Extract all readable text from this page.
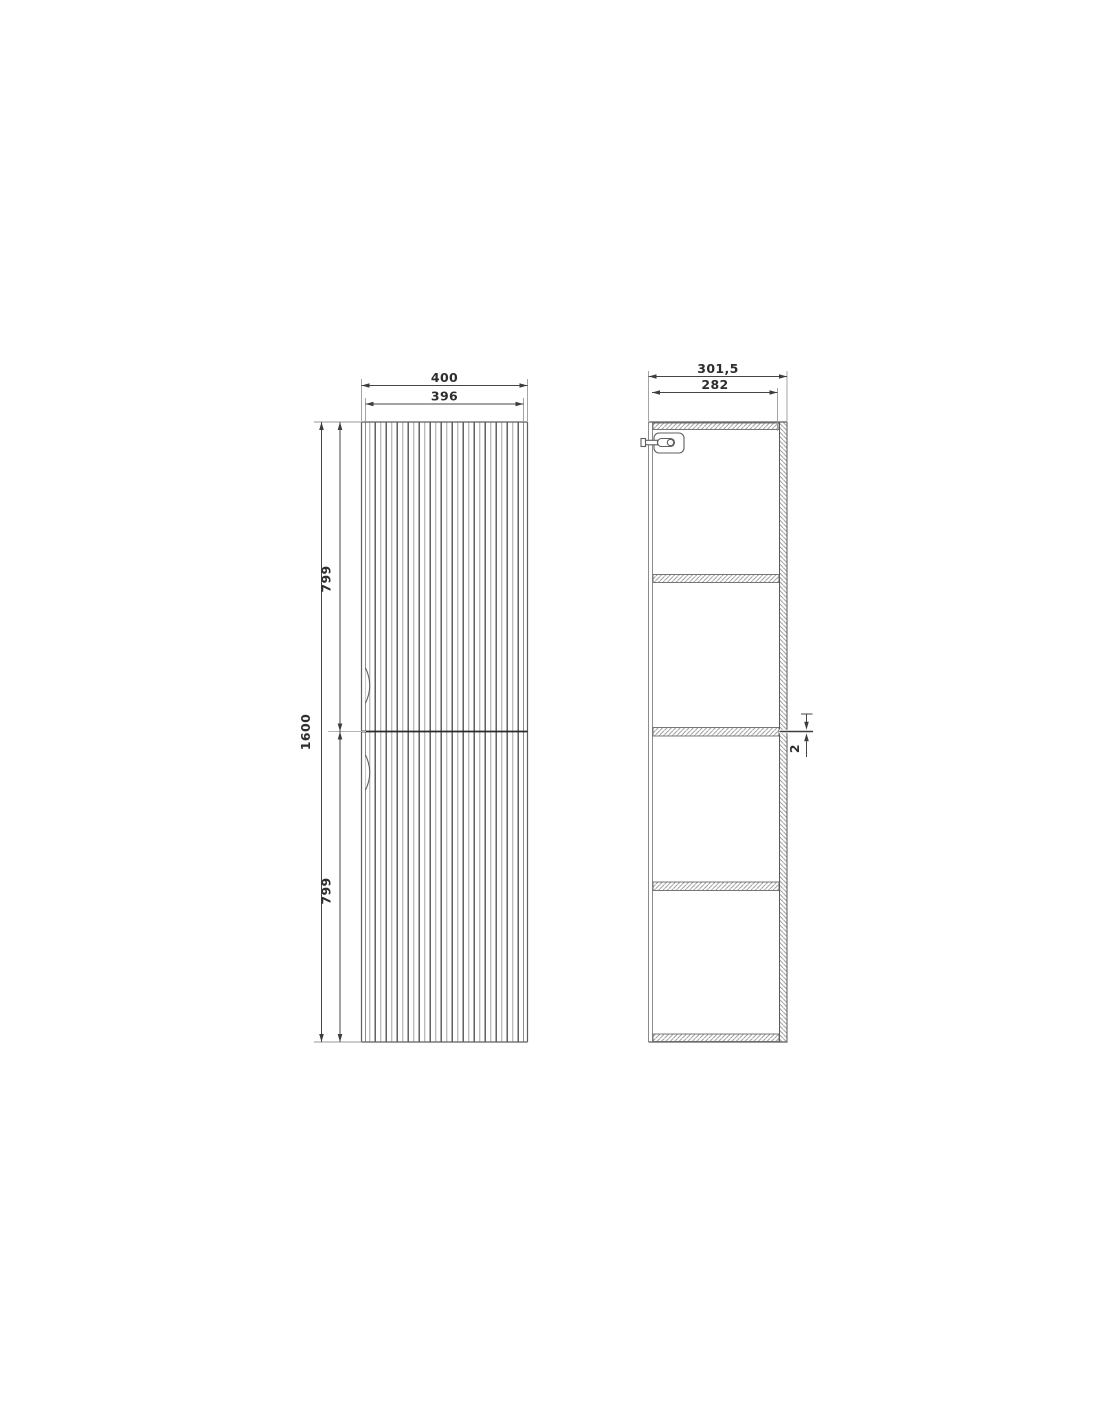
400
396
1600
799
799
301,5
282
2
